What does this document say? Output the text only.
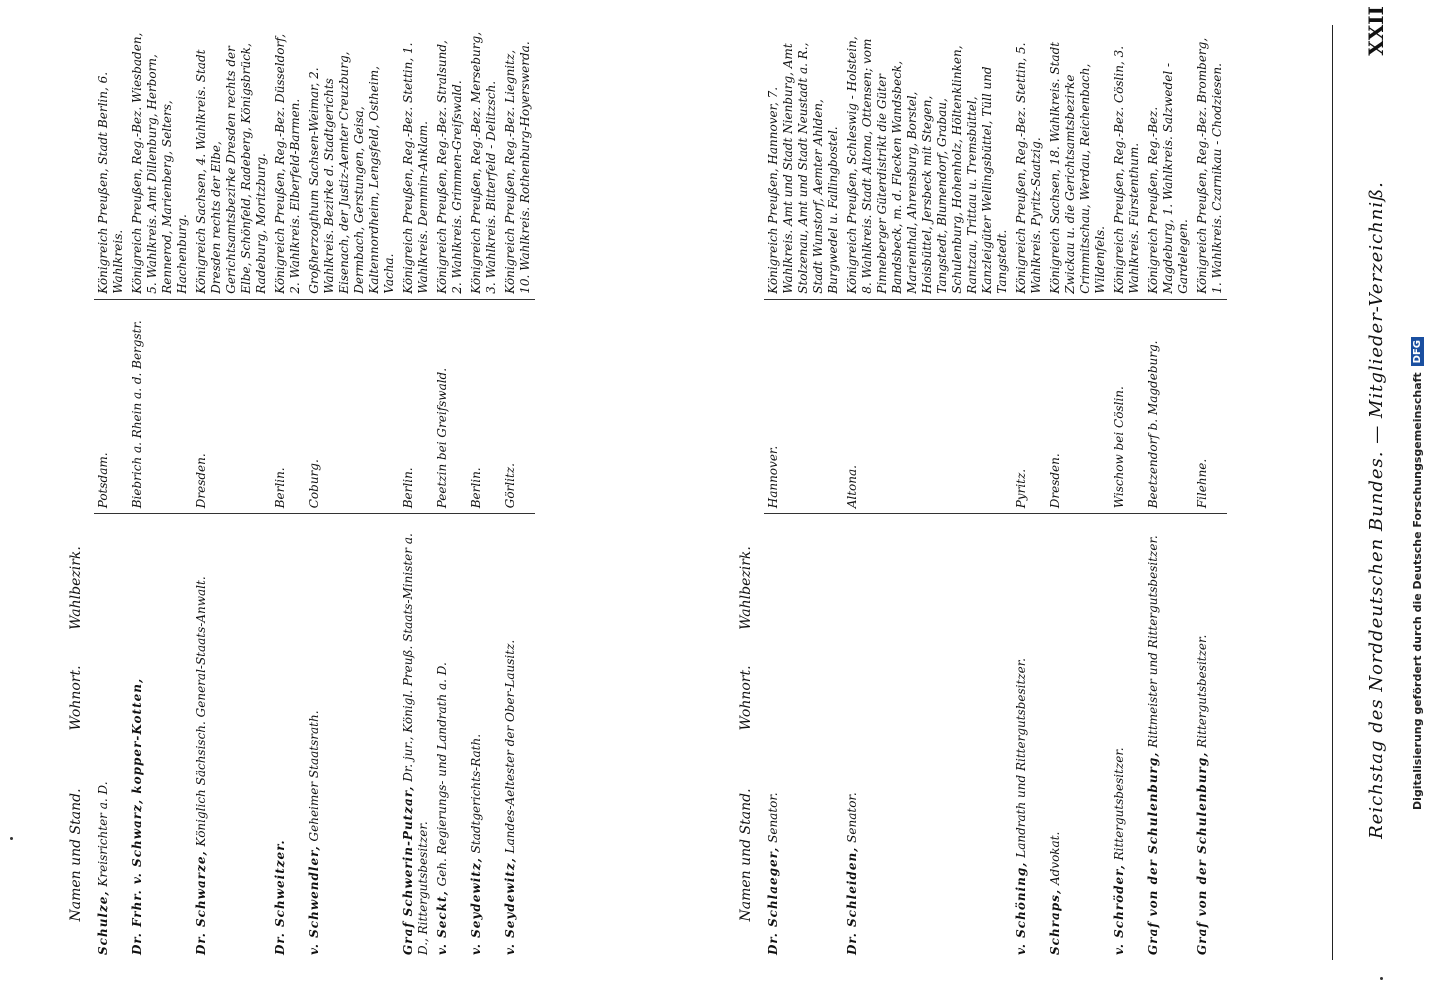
Digitalisierung gefördert durch die Deutsche Forschungsgemeinschaft
DFG
Reichstag des Norddeutschen Bundes. — Mitglieder-Verzeichniß.
XXII
Namen und Stand.
Wohnort.
Wahlbezirk.
Dr. Schlaeger, Senator.	Hannover.	Königreich Preußen, Hannover, 7. Wahlkreis. Amt und Stadt Nienburg, Amt Stolzenau, Amt und Stadt Neustadt a. R., Stadt Wunstorf, Aemter Ahlden, Burgwedel u. Fallingbostel.
Dr. Schleiden, Senator.	Altona.	Königreich Preußen, Schleswig - Holstein, 8. Wahlkreis. Stadt Altona, Ottensen; vom Pinneberger Güterdistrikt die Güter Bandsbeck, m. d. Flecken Wandsbeck, Marienthal, Ahrensburg, Borstel, Hoisbüttel, Jersbeck mit Stegen, Tangstedt, Blumendorf, Grabau, Schulenburg, Hohenholz, Höltenklinken, Rantzau, Trittau u. Tremsbüttel, Kanzleigüter Wellingsbüttel, Tüll und Tangstedt.
v. Schöning, Landrath und Rittergutsbesitzer.	Pyritz.	Königreich Preußen, Reg.-Bez. Stettin, 5. Wahlkreis. Pyritz-Saatzig.
Schraps, Advokat.	Dresden.	Königreich Sachsen, 18. Wahlkreis. Stadt Zwickau u. die Gerichtsamtsbezirke Crimmitschau, Werdau, Reichenbach, Wildenfels.
v. Schröder, Rittergutsbesitzer.	Wischow bei Cöslin.	Königreich Preußen, Reg.-Bez. Cöslin, 3. Wahlkreis. Fürstenthum.
Graf von der Schulenburg, Rittmeister und Rittergutsbesitzer.	Beetzendorf b. Magdeburg.	Königreich Preußen, Reg.-Bez. Magdeburg, 1. Wahlkreis. Salzwedel - Gardelegen.
Graf von der Schulenburg, Rittergutsbesitzer.	Filehne.	Königreich Preußen, Reg.-Bez. Bromberg, 1. Wahlkreis. Czarnikau - Chodziesen.
Namen und Stand.
Wohnort.
Wahlbezirk.
Schulze, Kreisrichter a. D.	Potsdam.	Königreich Preußen, Stadt Berlin, 6. Wahlkreis.
Dr. Frhr. v. Schwarz, kopper-Kotten,	Biebrich a. Rhein a. d. Bergstr.	Königreich Preußen, Reg.-Bez. Wiesbaden, 5. Wahlkreis. Amt Dillenburg, Herborn, Rennerod, Marienberg, Selters, Hachenburg.
Dr. Schwarze, Königlich Sächsisch. General-Staats-Anwalt.	Dresden.	Königreich Sachsen, 4. Wahlkreis. Stadt Dresden rechts der Elbe, Gerichtsamtsbezirke Dresden rechts der Elbe, Schönfeld, Radeberg, Königsbrück, Radeburg, Moritzburg.
Dr. Schweitzer.	Berlin.	Königreich Preußen, Reg.-Bez. Düsseldorf, 2. Wahlkreis. Elberfeld-Barmen.
v. Schwendler, Geheimer Staatsrath.	Coburg.	Großherzogthum Sachsen-Weimar, 2. Wahlkreis. Bezirke d. Stadtgerichts Eisenach, der Justiz-Aemter Creuzburg, Dermbach, Gerstungen, Geisa, Kaltennordheim, Lengsfeld, Ostheim, Vacha.
Graf Schwerin-Putzar, Dr. jur., Königl. Preuß. Staats-Minister a. D., Rittergutsbesitzer.	Berlin.	Königreich Preußen, Reg.-Bez. Stettin, 1. Wahlkreis. Demmin-Anklam.
v. Seckt, Geh. Regierungs- und Landrath a. D.	Peetzin bei Greifswald.	Königreich Preußen, Reg.-Bez. Stralsund, 2. Wahlkreis. Grimmen-Greifswald.
v. Seydewitz, Stadtgerichts-Rath.	Berlin.	Königreich Preußen, Reg.-Bez. Merseburg, 3. Wahlkreis. Bitterfeld - Delitzsch.
v. Seydewitz, Landes-Aeltester der Ober-Lausitz.	Görlitz.	Königreich Preußen, Reg.-Bez. Liegnitz, 10. Wahlkreis. Rothenburg-Hoyerswerda.
